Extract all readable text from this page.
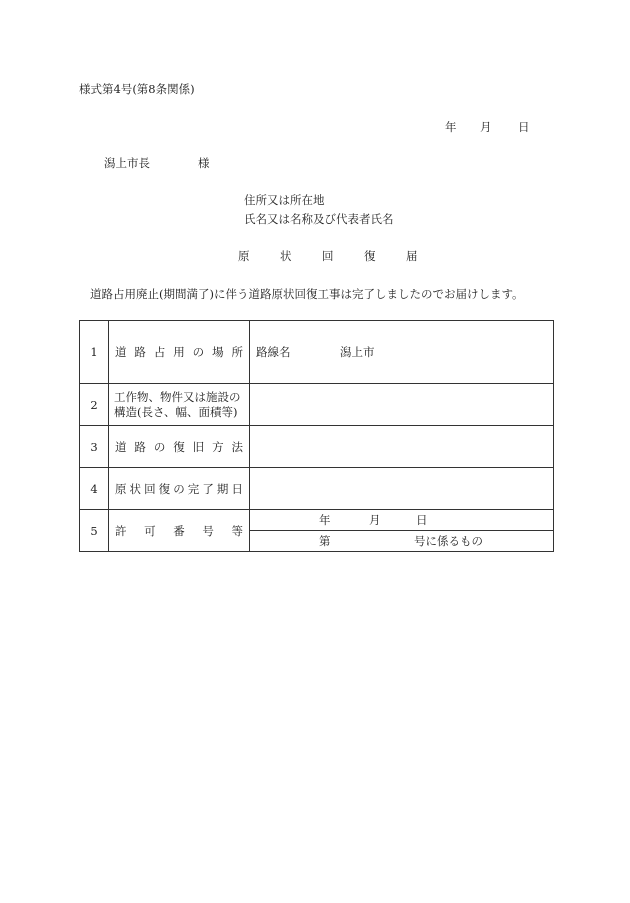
様式第4号(第8条関係)
年 月 日
潟上市長	様
住所又は所在地
氏名又は名称及び代表者氏名
原	状	回	復	届
道路占用廃止(期間満了)に伴う道路原状回復工事は完了しましたのでお届けします。
1	道路占用の場所	路線名 潟上市
2	工作物、物件又は施設の
構造(長さ、幅、面積等)	

3	道路の復旧方法	
4	原状回復の完了期日	
5	許可番号等	年 月 日
		第 号に係るもの
